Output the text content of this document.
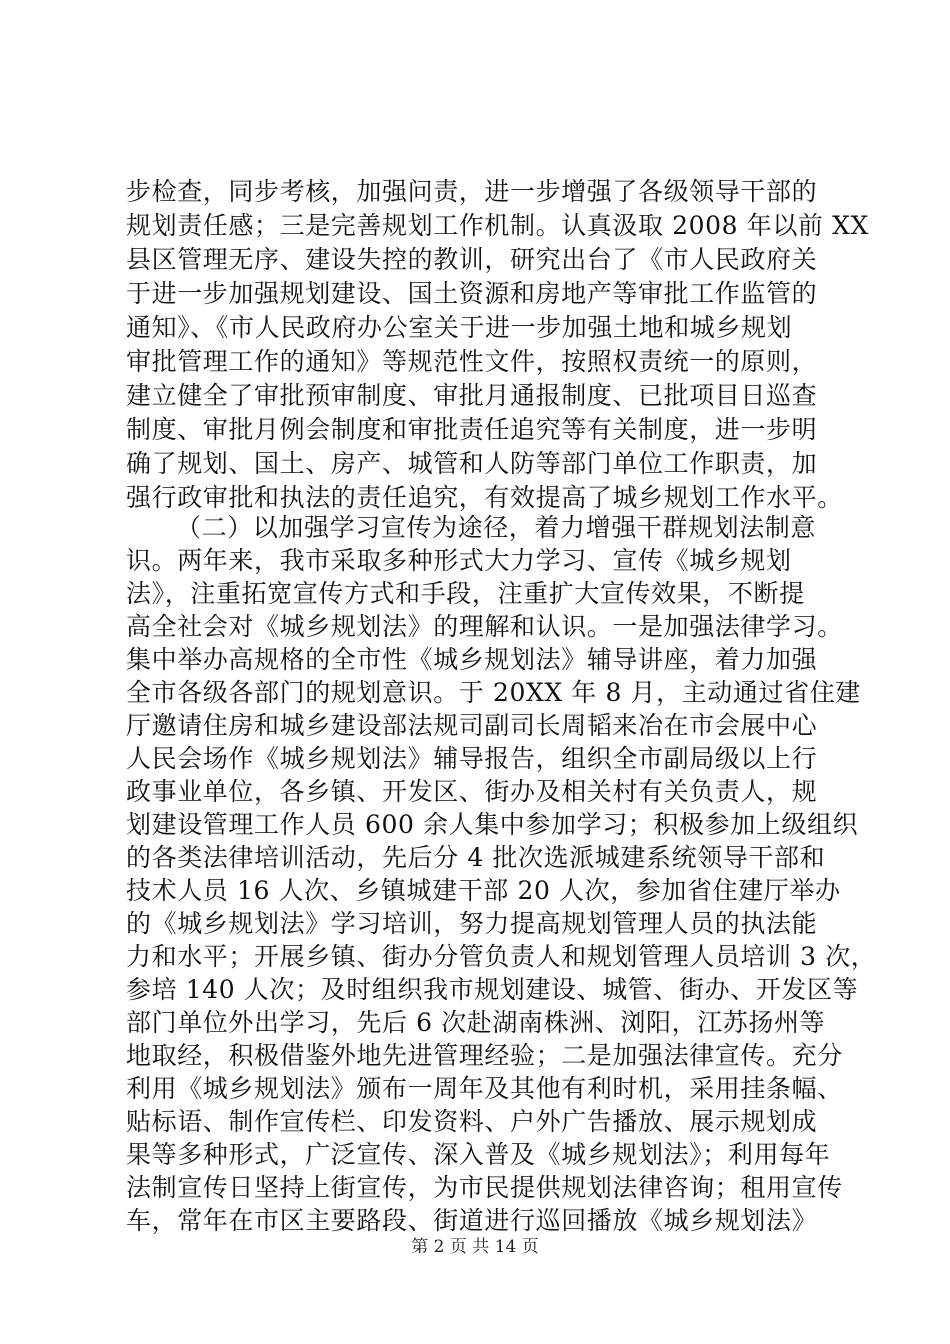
步检查，同步考核，加强问责，进一步增强了各级领导干部的
规划责任感；三是完善规划工作机制。认真汲取 2008 年以前 XX
县区管理无序、建设失控的教训，研究出台了《市人民政府关
于进一步加强规划建设、国土资源和房地产等审批工作监管的
通知》、《市人民政府办公室关于进一步加强土地和城乡规划
审批管理工作的通知》等规范性文件，按照权责统一的原则，
建立健全了审批预审制度、审批月通报制度、已批项目日巡查
制度、审批月例会制度和审批责任追究等有关制度，进一步明
确了规划、国土、房产、城管和人防等部门单位工作职责，加
强行政审批和执法的责任追究，有效提高了城乡规划工作水平。
（二）以加强学习宣传为途径，着力增强干群规划法制意
识。两年来，我市采取多种形式大力学习、宣传《城乡规划
法》，注重拓宽宣传方式和手段，注重扩大宣传效果，不断提
高全社会对《城乡规划法》的理解和认识。一是加强法律学习。
集中举办高规格的全市性《城乡规划法》辅导讲座，着力加强
全市各级各部门的规划意识。于 20XX 年 8 月，主动通过省住建
厅邀请住房和城乡建设部法规司副司长周韬来冶在市会展中心
人民会场作《城乡规划法》辅导报告，组织全市副局级以上行
政事业单位，各乡镇、开发区、街办及相关村有关负责人，规
划建设管理工作人员 600 余人集中参加学习；积极参加上级组织
的各类法律培训活动，先后分 4 批次选派城建系统领导干部和
技术人员 16 人次、乡镇城建干部 20 人次，参加省住建厅举办
的《城乡规划法》学习培训，努力提高规划管理人员的执法能
力和水平；开展乡镇、街办分管负责人和规划管理人员培训 3 次，
参培 140 人次；及时组织我市规划建设、城管、街办、开发区等
部门单位外出学习，先后 6 次赴湖南株洲、浏阳，江苏扬州等
地取经，积极借鉴外地先进管理经验；二是加强法律宣传。充分
利用《城乡规划法》颁布一周年及其他有利时机，采用挂条幅、
贴标语、制作宣传栏、印发资料、户外广告播放、展示规划成
果等多种形式，广泛宣传、深入普及《城乡规划法》；利用每年
法制宣传日坚持上街宣传，为市民提供规划法律咨询；租用宣传
车，常年在市区主要路段、街道进行巡回播放《城乡规划法》
第 2 页 共 14 页
